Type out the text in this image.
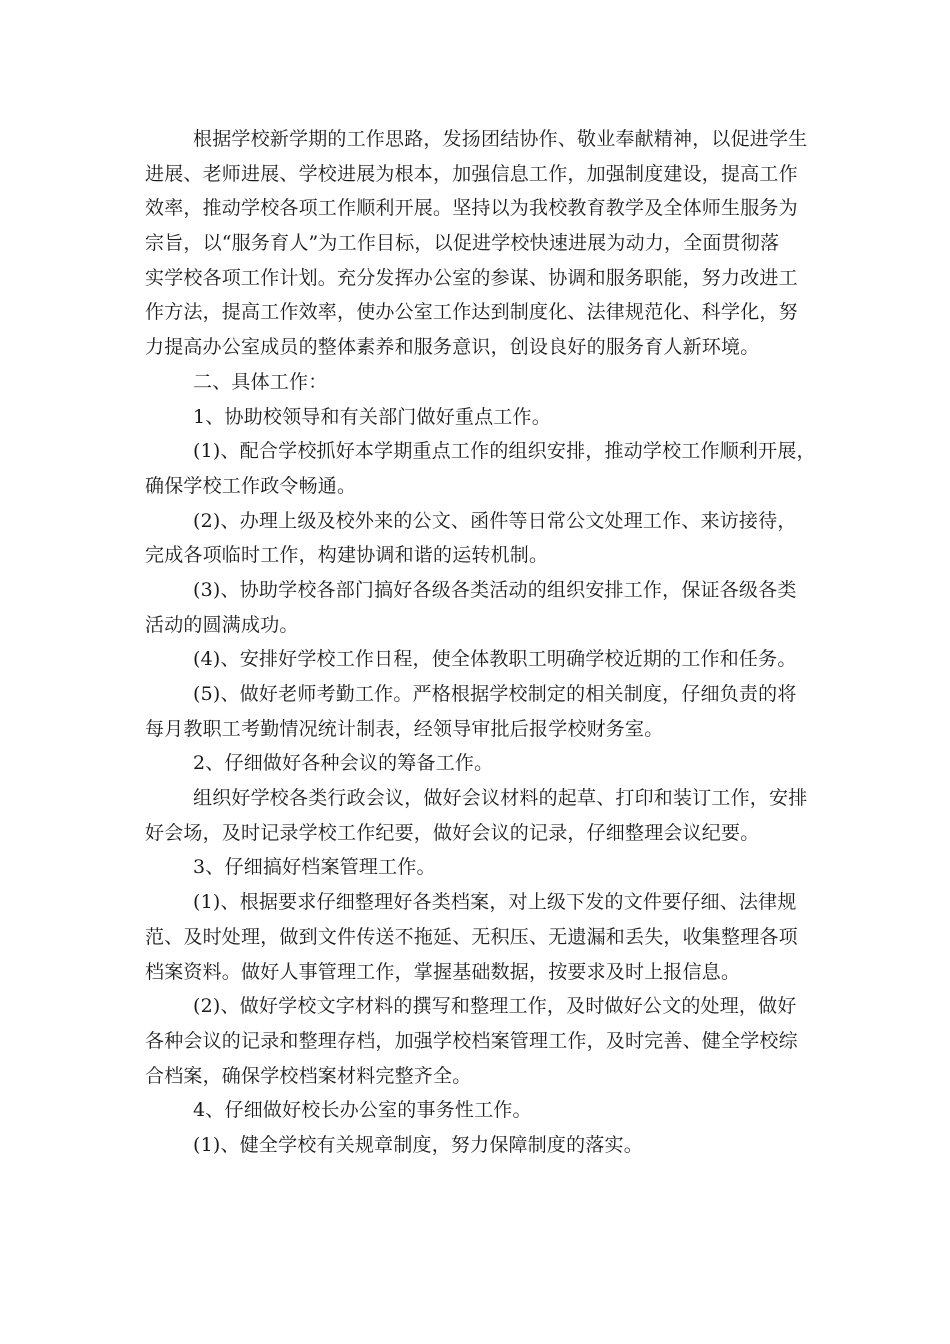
根据学校新学期的工作思路，发扬团结协作、敬业奉献精神，以促进学生
进展、老师进展、学校进展为根本，加强信息工作，加强制度建设，提高工作
效率，推动学校各项工作顺利开展。坚持以为我校教育教学及全体师生服务为
宗旨，以“服务育人”为工作目标，以促进学校快速进展为动力，全面贯彻落
实学校各项工作计划。充分发挥办公室的参谋、协调和服务职能，努力改进工
作方法，提高工作效率，使办公室工作达到制度化、法律规范化、科学化，努
力提高办公室成员的整体素养和服务意识，创设良好的服务育人新环境。
二、具体工作：
1、协助校领导和有关部门做好重点工作。
(1)、配合学校抓好本学期重点工作的组织安排，推动学校工作顺利开展，
确保学校工作政令畅通。
(2)、办理上级及校外来的公文、函件等日常公文处理工作、来访接待，
完成各项临时工作，构建协调和谐的运转机制。
(3)、协助学校各部门搞好各级各类活动的组织安排工作，保证各级各类
活动的圆满成功。
(4)、安排好学校工作日程，使全体教职工明确学校近期的工作和任务。
(5)、做好老师考勤工作。严格根据学校制定的相关制度，仔细负责的将
每月教职工考勤情况统计制表，经领导审批后报学校财务室。
2、仔细做好各种会议的筹备工作。
组织好学校各类行政会议，做好会议材料的起草、打印和装订工作，安排
好会场，及时记录学校工作纪要，做好会议的记录，仔细整理会议纪要。
3、仔细搞好档案管理工作。
(1)、根据要求仔细整理好各类档案，对上级下发的文件要仔细、法律规
范、及时处理，做到文件传送不拖延、无积压、无遗漏和丢失，收集整理各项
档案资料。做好人事管理工作，掌握基础数据，按要求及时上报信息。
(2)、做好学校文字材料的撰写和整理工作，及时做好公文的处理，做好
各种会议的记录和整理存档，加强学校档案管理工作，及时完善、健全学校综
合档案，确保学校档案材料完整齐全。
4、仔细做好校长办公室的事务性工作。
(1)、健全学校有关规章制度，努力保障制度的落实。
